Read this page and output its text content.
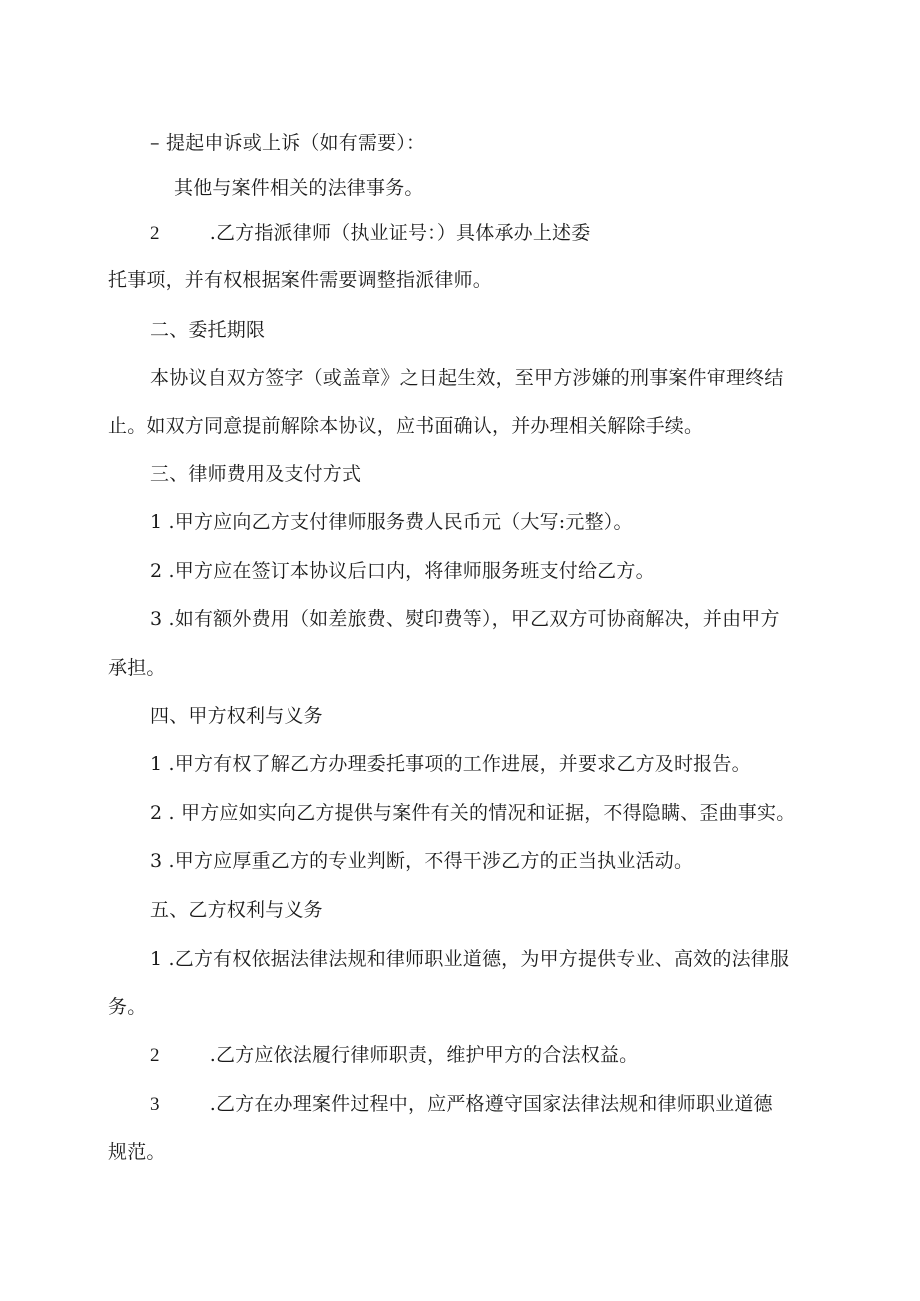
– 提起申诉或上诉（如有需要）：
其他与案件相关的法律事务。
2	.乙方指派律师（执业证号：）具体承办上述委
托事项，并有权根据案件需要调整指派律师。
二、委托期限
本协议自双方签字（或盖章》之日起生效，至甲方涉嫌的刑事案件审理终结
止。如双方同意提前解除本协议，应书面确认，并办理相关解除手续。
三、律师费用及支付方式
1 .甲方应向乙方支付律师服务费人民币元（大写:元整）。
2 .甲方应在签订本协议后口内，将律师服务班支付给乙方。
3 .如有额外费用（如差旅费、熨印费等），甲乙双方可协商解决，并由甲方
承担。
四、甲方权利与义务
1 .甲方有权了解乙方办理委托事项的工作进展，并要求乙方及时报告。
2 . 甲方应如实向乙方提供与案件有关的情况和证据，不得隐瞒、歪曲事实。
3 .甲方应厚重乙方的专业判断，不得干涉乙方的正当执业活动。
五、乙方权利与义务
1 .乙方有权依据法律法规和律师职业道德，为甲方提供专业、高效的法律服
务。
2	.乙方应依法履行律师职责，维护甲方的合法权益。
3	.乙方在办理案件过程中，应严格遵守国家法律法规和律师职业道德
规范。
